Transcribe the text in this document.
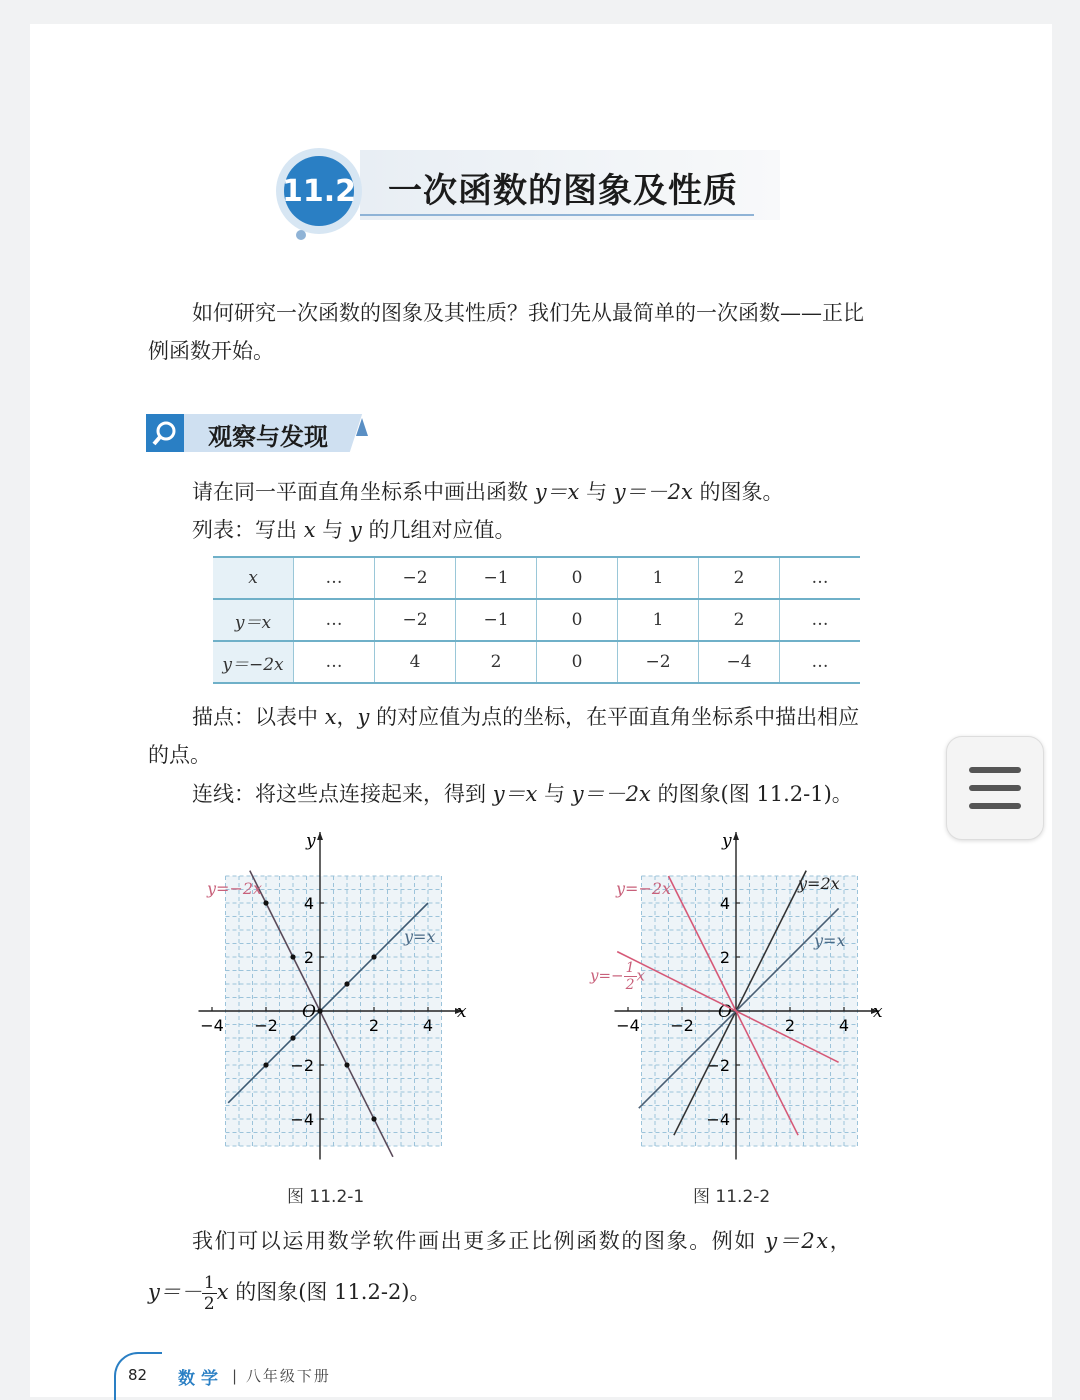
11.2 一次函数的图象及性质
如何研究一次函数的图象及其性质？我们先从最简单的一次函数——正比
例函数开始。
观察与发现
请在同一平面直角坐标系中画出函数 y＝x 与 y＝－2x 的图象。
列表：写出 x 与 y 的几组对应值。
x	…	−2	−1	0	1	2	…
y＝x	…	−2	−1	0	1	2	…
y＝−2x	…	4	2	0	−2	−4	…
描点：以表中 x，y 的对应值为点的坐标，在平面直角坐标系中描出相应
的点。
连线：将这些点连接起来，得到 y＝x 与 y＝－2x 的图象(图 11.2-1)。
x
y
O
−4 −2	2	4
4
2
−2
−4
x
y
O
−4 −2	2	4
4
2
−2
−4
y=−2x
y=x
y=−2x	y=2x
y=x
$y=- \frac{1}{2}$ x
图 11.2-1	图 11.2-2
我们可以运用数学软件画出更多正比例函数的图象。例如 y＝2x，
$y=- \frac{1}{2}$ x 的图象(图 11.2-2)。
82 数学 | 八年级下册
